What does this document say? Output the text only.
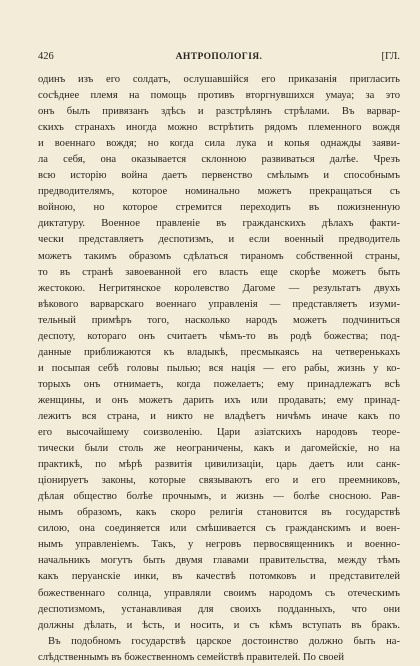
426	АНТРОПОЛОГІЯ.	[ГЛ.
одинъ изъ его солдатъ, ослушавшійся его приказанія пригласить
сосѣднее племя на помощь противъ вторгнувшихся умауа; за это
онъ былъ привязанъ здѣсь и разстрѣлянъ стрѣлами. Въ варвар-
скихъ странахъ иногда можно встрѣтить рядомъ племенного вождя
и военнаго вождя; но когда сила лука и копья однажды заяви-
ла себя, она оказывается склонною развиваться далѣе. Чрезъ
всю исторію война даетъ первенство смѣлымъ и способнымъ
предводителямъ, которое номинально можетъ прекращаться съ
войною, но которое стремится переходить въ пожизненную
диктатуру. Военное правленіе въ гражданскихъ дѣлахъ факти-
чески представляетъ деспотизмъ, и если военный предводитель
можетъ такимъ образомъ сдѣлаться тираномъ собственной страны,
то въ странѣ завоеванной его власть еще скорѣе можетъ быть
жестокою. Негритянское королевство Дагоме — результатъ двухъ
вѣкового варварскаго военнаго управленія — представляетъ изуми-
тельный примѣръ того, насколько народъ можетъ подчиниться
деспоту, котораго онъ считаетъ чѣмъ-то въ родѣ божества; под-
данные приближаются къ владыкѣ, пресмыкаясь на четверенькахъ
и посыпая себѣ головы пылью; вся нація — его рабы, жизнь у ко-
торыхъ онъ отнимаетъ, когда пожелаетъ; ему принадлежатъ всѣ
женщины, и онъ можетъ дарить ихъ или продавать; ему принад-
лежитъ вся страна, и никто не владѣетъ ничѣмъ иначе какъ по
его высочайшему соизволенію. Цари азіатскихъ народовъ теоре-
тически были столь же неограничены, какъ и дагомейскіе, но на
практикѣ, по мѣрѣ развитія цивилизаціи, царь даетъ или санк-
ціонируетъ законы, которые связываютъ его и его преемниковъ,
дѣлая общество болѣе прочнымъ, и жизнь — болѣе сносною. Рав-
нымъ образомъ, какъ скоро религія становится въ государствѣ
силою, она соединяется или смѣшивается съ гражданскимъ и воен-
нымъ управленіемъ. Такъ, у негровъ первосвященникъ и военно-
начальникъ могутъ быть двумя главами правительства, между тѣмъ
какъ перуанскіе инки, въ качествѣ потомковъ и представителей
божественнаго солнца, управляли своимъ народомъ съ отеческимъ
деспотизмомъ, устанавливая для своихъ подданныхъ, что они
должны дѣлать, и ѣсть, и носить, и съ кѣмъ вступать въ бракъ.
Въ подобномъ государствѣ царское достоинство должно быть на-
слѣдственнымъ въ божественномъ семействѣ правителей. По своей
